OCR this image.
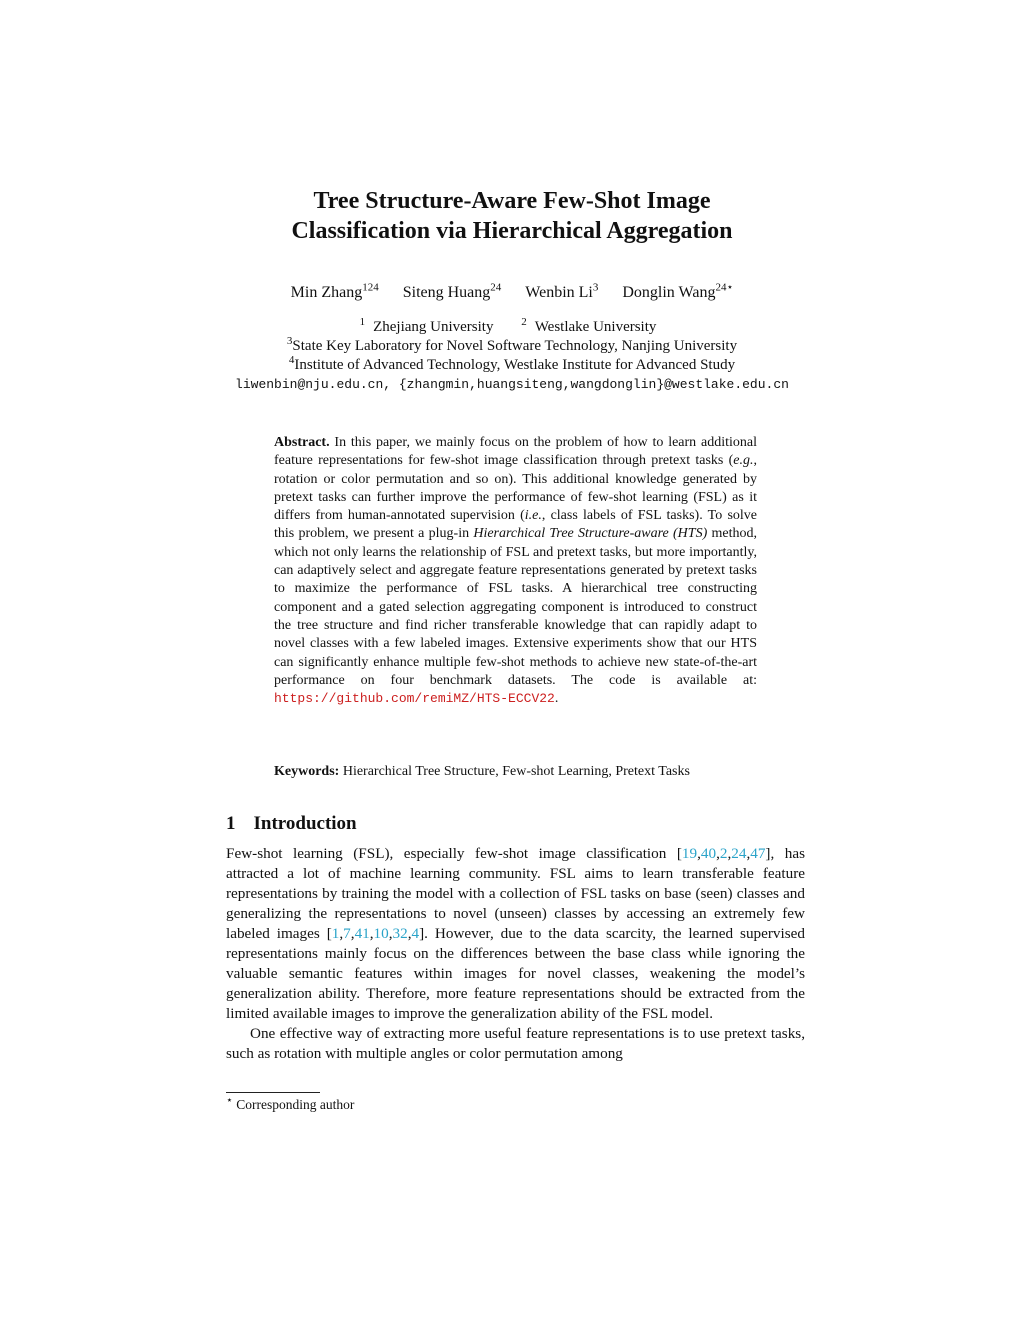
Tree Structure-Aware Few-Shot Image
Classification via Hierarchical Aggregation
Min Zhang$^{124}$ Siteng Huang$^{24}$ Wenbin Li$^3$ Donglin Wang$^{24⋆}$
$^1$ Zhejiang University	$^2$ Westlake University
$^3$State Key Laboratory for Novel Software Technology, Nanjing University
$^4$Institute of Advanced Technology, Westlake Institute for Advanced Study
liwenbin@nju.edu.cn, {zhangmin,huangsiteng,wangdonglin}@westlake.edu.cn
Abstract. In this paper, we mainly focus on the problem of how to learn additional feature representations for few-shot image classification through pretext tasks (e.g., rotation or color permutation and so on). This additional knowledge generated by pretext tasks can further improve the performance of few-shot learning (FSL) as it differs from human-annotated supervision (i.e., class labels of FSL tasks). To solve this problem, we present a plug-in Hierarchical Tree Structure-aware (HTS) method, which not only learns the relationship of FSL and pretext tasks, but more importantly, can adaptively select and aggregate feature representations generated by pretext tasks to maximize the performance of FSL tasks. A hierarchical tree constructing component and a gated selection aggregating component is introduced to construct the tree structure and find richer transferable knowledge that can rapidly adapt to novel classes with a few labeled images. Extensive experiments show that our HTS can significantly enhance multiple few-shot methods to achieve new state-of-the-art performance on four benchmark datasets. The code is available at: https://github.com/remiMZ/HTS-ECCV22.
Keywords: Hierarchical Tree Structure, Few-shot Learning, Pretext Tasks
1 Introduction

Few-shot learning (FSL), especially few-shot image classification [19,40,2,24,47], has attracted a lot of machine learning community. FSL aims to learn transferable feature representations by training the model with a collection of FSL tasks on base (seen) classes and generalizing the representations to novel (unseen) classes by accessing an extremely few labeled images [1,7,41,10,32,4]. However, due to the data scarcity, the learned supervised representations mainly focus on the differences between the base class while ignoring the valuable semantic features within images for novel classes, weakening the model’s generalization ability. Therefore, more feature representations should be extracted from the limited available images to improve the generalization ability of the FSL model.

One effective way of extracting more useful feature representations is to use pretext tasks, such as rotation with multiple angles or color permutation among

⋆ Corresponding author
